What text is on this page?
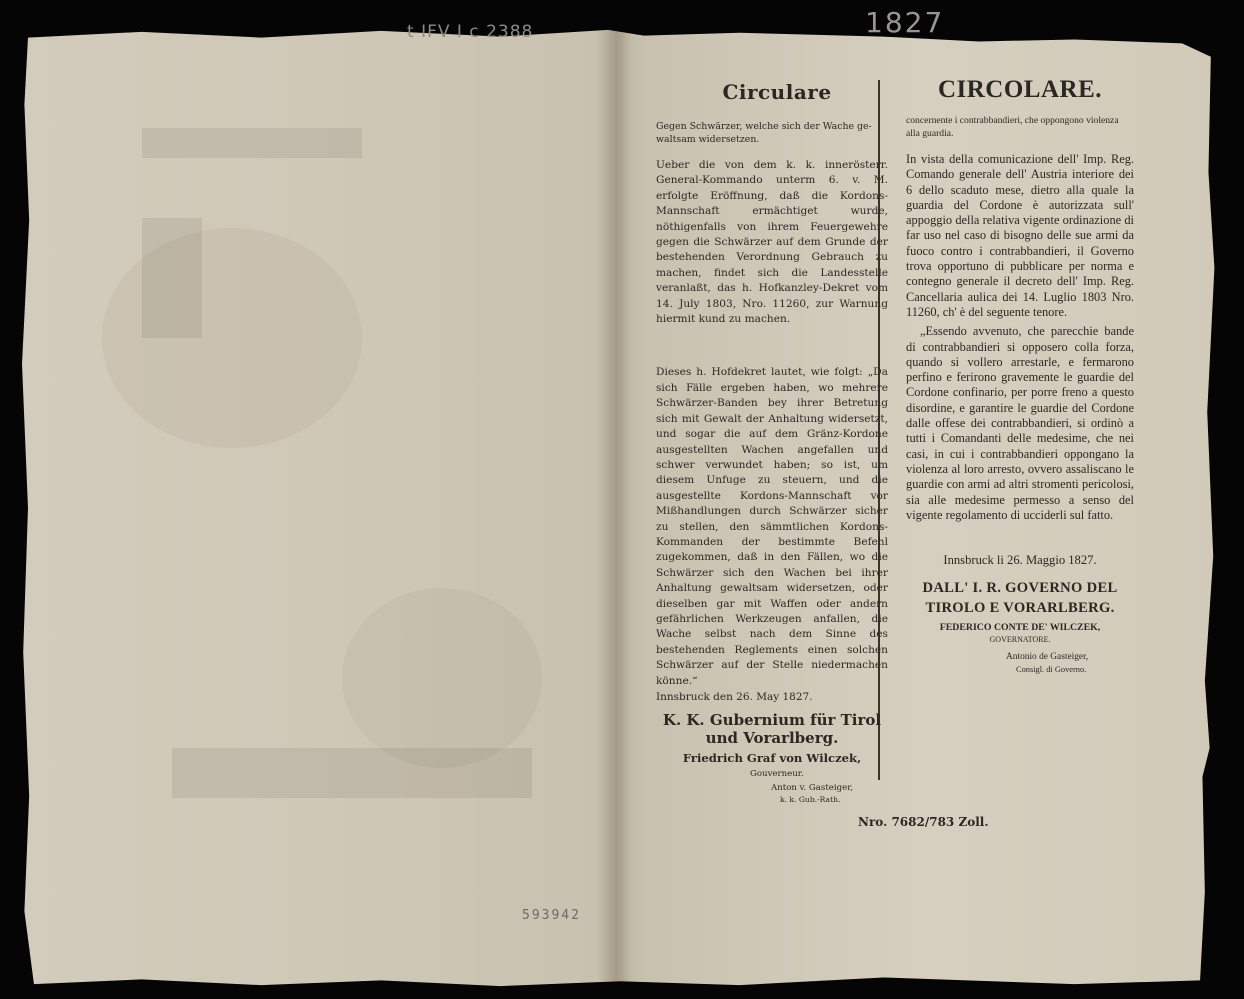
t IFV I c 2388	1827
593942
Circulare
Gegen Schwärzer, welche sich der Wache ge-waltsam widersetzen.

Ueber die von dem k. k. innerösterr. General-Kommando unterm 6. v. M. erfolgte Eröffnung, daß die Kordons-Mannschaft ermächtiget wurde, nöthigenfalls von ihrem Feuergewehre gegen die Schwärzer auf dem Grunde der bestehenden Verordnung Gebrauch zu machen, findet sich die Landesstelle veranlaßt, das h. Hofkanzley-Dekret vom 14. July 1803, Nro. 11260, zur Warnung hiermit kund zu machen.

Dieses h. Hofdekret lautet, wie folgt: „Da sich Fälle ergeben haben, wo mehrere Schwärzer-Banden bey ihrer Betretung sich mit Gewalt der Anhaltung widersetzt, und sogar die auf dem Gränz-Kordone ausgestellten Wachen angefallen und schwer verwundet haben; so ist, um diesem Unfuge zu steuern, und die ausgestellte Kordons-Mannschaft vor Mißhandlungen durch Schwärzer sicher zu stellen, den sämmtlichen Kordons-Kommanden der bestimmte Befehl zugekommen, daß in den Fällen, wo die Schwärzer sich den Wachen bei ihrer Anhaltung gewaltsam widersetzen, oder dieselben gar mit Waffen oder andern gefährlichen Werkzeugen anfallen, die Wache selbst nach dem Sinne des bestehenden Reglements einen solchen Schwärzer auf der Stelle niedermachen könne.“

Innsbruck den 26. May 1827.
K. K. Gubernium für Tirol und Vorarlberg.
Friedrich Graf von Wilczek,
Gouverneur.
Anton v. Gasteiger,
k. k. Gub.-Rath.
CIRCOLARE.
concernente i contrabbandieri, che oppongono violenza alla guardia.

In vista della comunicazione dell' Imp. Reg. Comando generale dell' Austria interiore dei 6 dello scaduto mese, dietro alla quale la guardia del Cordone è autorizzata sull' appoggio della relativa vigente ordinazione di far uso nel caso di bisogno delle sue armi da fuoco contro i contrabbandieri, il Governo trova opportuno di pubblicare per norma e contegno generale il decreto dell' Imp. Reg. Cancellaria aulica dei 14. Luglio 1803 Nro. 11260, ch' è del seguente tenore.

„Essendo avvenuto, che parecchie bande di contrabbandieri si opposero colla forza, quando si vollero arrestarle, e fermarono perfino e ferirono gravemente le guardie del Cordone confinario, per porre freno a questo disordine, e garantire le guardie del Cordone dalle offese dei contrabbandieri, si ordinò a tutti i Comandanti delle medesime, che nei casi, in cui i contrabbandieri oppongano la violenza al loro arresto, ovvero assaliscano le guardie con armi ad altri stromenti pericolosi, sia alle medesime permesso a senso del vigente regolamento di ucciderli sul fatto.

Innsbruck li 26. Maggio 1827.
DALL' I. R. GOVERNO DEL TIROLO E VORARLBERG.
FEDERICO CONTE DE' WILCZEK,
GOVERNATORE.
Antonio de Gasteiger,
Consigl. di Governo.
Nro. 7682/783 Zoll.
